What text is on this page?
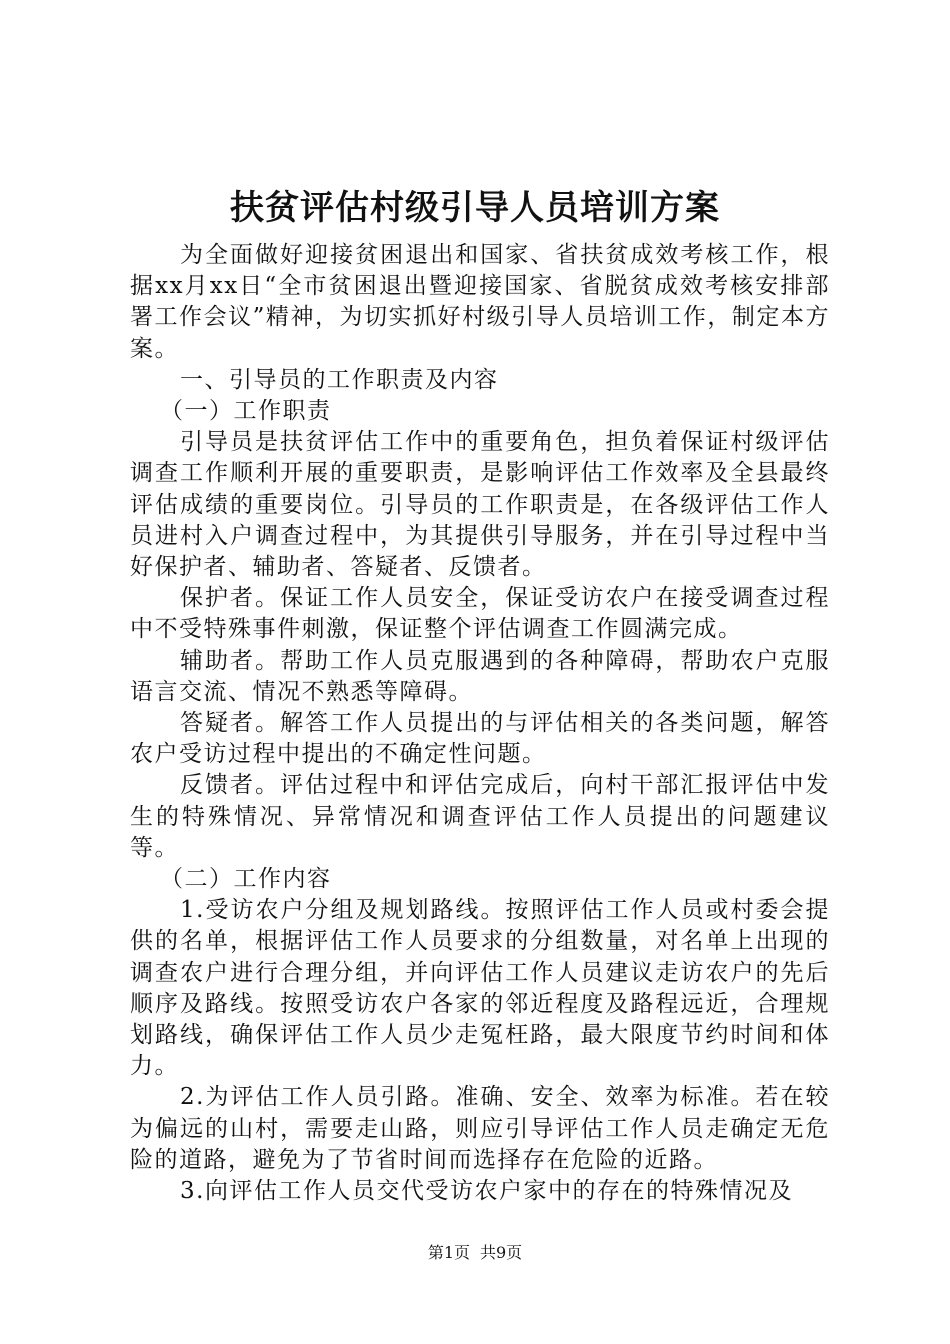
扶贫评估村级引导人员培训方案

为全面做好迎接贫困退出和国家、省扶贫成效考核工作，根据xx月xx日“全市贫困退出暨迎接国家、省脱贫成效考核安排部署工作会议”精神，为切实抓好村级引导人员培训工作，制定本方案。

一、引导员的工作职责及内容

（一）工作职责

引导员是扶贫评估工作中的重要角色，担负着保证村级评估调查工作顺利开展的重要职责，是影响评估工作效率及全县最终评估成绩的重要岗位。引导员的工作职责是，在各级评估工作人员进村入户调查过程中，为其提供引导服务，并在引导过程中当好保护者、辅助者、答疑者、反馈者。

保护者。保证工作人员安全，保证受访农户在接受调查过程中不受特殊事件刺激，保证整个评估调查工作圆满完成。

辅助者。帮助工作人员克服遇到的各种障碍，帮助农户克服语言交流、情况不熟悉等障碍。

答疑者。解答工作人员提出的与评估相关的各类问题，解答农户受访过程中提出的不确定性问题。

反馈者。评估过程中和评估完成后，向村干部汇报评估中发生的特殊情况、异常情况和调查评估工作人员提出的问题建议等。

（二）工作内容

1.受访农户分组及规划路线。按照评估工作人员或村委会提供的名单，根据评估工作人员要求的分组数量，对名单上出现的调查农户进行合理分组，并向评估工作人员建议走访农户的先后顺序及路线。按照受访农户各家的邻近程度及路程远近，合理规划路线，确保评估工作人员少走冤枉路，最大限度节约时间和体力。

2.为评估工作人员引路。准确、安全、效率为标准。若在较为偏远的山村，需要走山路，则应引导评估工作人员走确定无危险的道路，避免为了节省时间而选择存在危险的近路。

3.向评估工作人员交代受访农户家中的存在的特殊情况及

第1页 共9页
